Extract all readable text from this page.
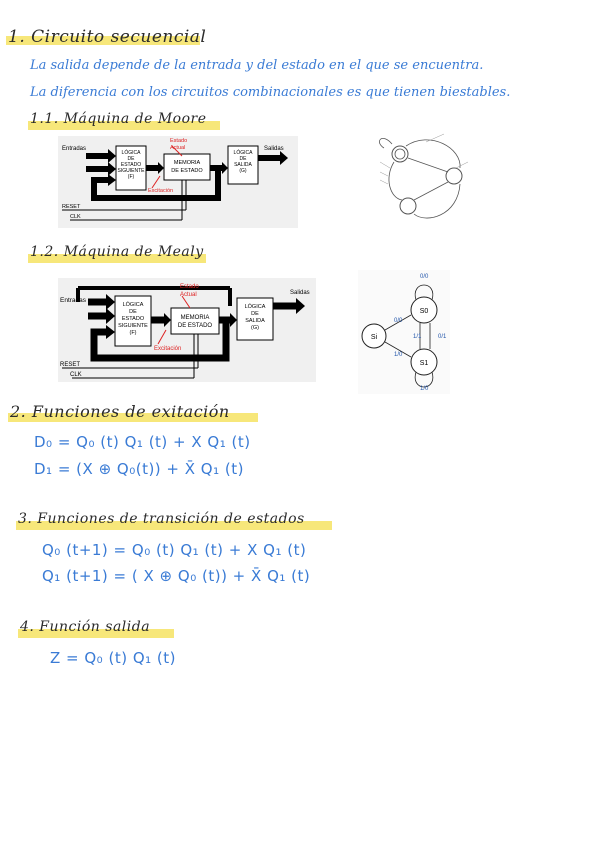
1. Circuito secuencial
La salida depende de la entrada y del estado en el que se encuentra.
La diferencia con los circuitos combinacionales es que tienen biestables.
1.1. Máquina de Moore
LÓGICA DE ESTADO SIGUIENTE (F)
MEMORIA DE ESTADO
LÓGICA DE SALIDA (G)
Entradas	Salidas
Estado Actual
Excitación
RESET
CLK
1.2. Máquina de Mealy
LÓGICA DE ESTADO SIGUIENTE (F)
MEMORIA DE ESTADO
LÓGICA DE SALIDA (G)
Entradas
Salidas
Estado Actual
Excitación
RESET
CLK
S0
S1
Si
0/0
0/0
1/0
1/1	0/1
1/0
2. Funciones de exitación
D₀ = Q₀ (t) Q₁ (t) + X Q₁ (t)
D₁ = (X ⊕ Q₀(t)) + X̄ Q₁ (t)
3. Funciones de transición de estados
Q₀ (t+1) = Q₀ (t) Q₁ (t) + X Q₁ (t)
Q₁ (t+1) = ( X ⊕ Q₀ (t)) + X̄ Q₁ (t)
4. Función salida
Z = Q₀ (t) Q₁ (t)
